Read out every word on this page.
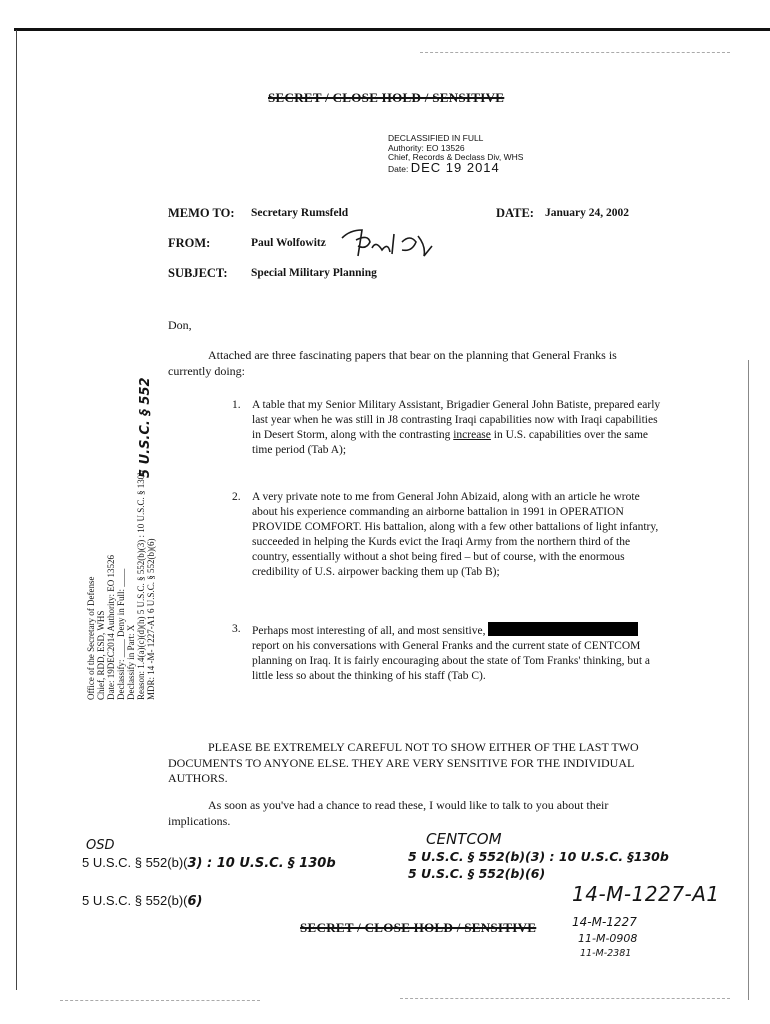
SECRET / CLOSE HOLD / SENSITIVE
DECLASSIFIED IN FULL
Authority: EO 13526
Chief, Records & Declass Div, WHS
Date: DEC 19 2014
MEMO TO: Secretary Rumsfeld	DATE: January 24, 2002
FROM:	Paul Wolfowitz
SUBJECT: Special Military Planning
Don,
Attached are three fascinating papers that bear on the planning that General Franks is currently doing:
1. A table that my Senior Military Assistant, Brigadier General John Batiste, prepared early last year when he was still in J8 contrasting Iraqi capabilities now with Iraqi capabilities in Desert Storm, along with the contrasting increase in U.S. capabilities over the same time period (Tab A);
2. A very private note to me from General John Abizaid, along with an article he wrote about his experience commanding an airborne battalion in 1991 in OPERATION PROVIDE COMFORT. His battalion, along with a few other battalions of light infantry, succeeded in helping the Kurds evict the Iraqi Army from the northern third of the country, essentially without a shot being fired – but of course, with the enormous credibility of U.S. airpower backing them up (Tab B);
3. Perhaps most interesting of all, and most sensitive,  report on his conversations with General Franks and the current state of CENTCOM planning on Iraq. It is fairly encouraging about the state of Tom Franks' thinking, but a little less so about the thinking of his staff (Tab C).
PLEASE BE EXTREMELY CAREFUL NOT TO SHOW EITHER OF THE LAST TWO DOCUMENTS TO ANYONE ELSE. THEY ARE VERY SENSITIVE FOR THE INDIVIDUAL AUTHORS.
As soon as you've had a chance to read these, I would like to talk to you about their implications.
Office of the Secretary of Defense Chief, RDD, ESD, WHS Date: 19DEC2014 Authority: EO 13526 Declassify: ____ Deny in Full: ____ Declassify in Part: X Reason: 1.4(a)(c)(d)(h) 5 U.S.C. § 552(b)(3) : 10 U.S.C. § 130b MDR: 14 -M- 1227-A1 6 U.S.C. § 552(b)(6)
5 U.S.C. § 552
CENTCOM
5 U.S.C. § 552(b)(3) : 10 U.S.C. §130b
5 U.S.C. § 552(b)(6)
OSD
5 U.S.C. § 552(b)(3) : 10 U.S.C. § 130b
5 U.S.C. § 552(b)(6)	14-M-1227-A1
14-M-1227
11-M-0908
11-M-2381
SECRET / CLOSE HOLD / SENSITIVE
